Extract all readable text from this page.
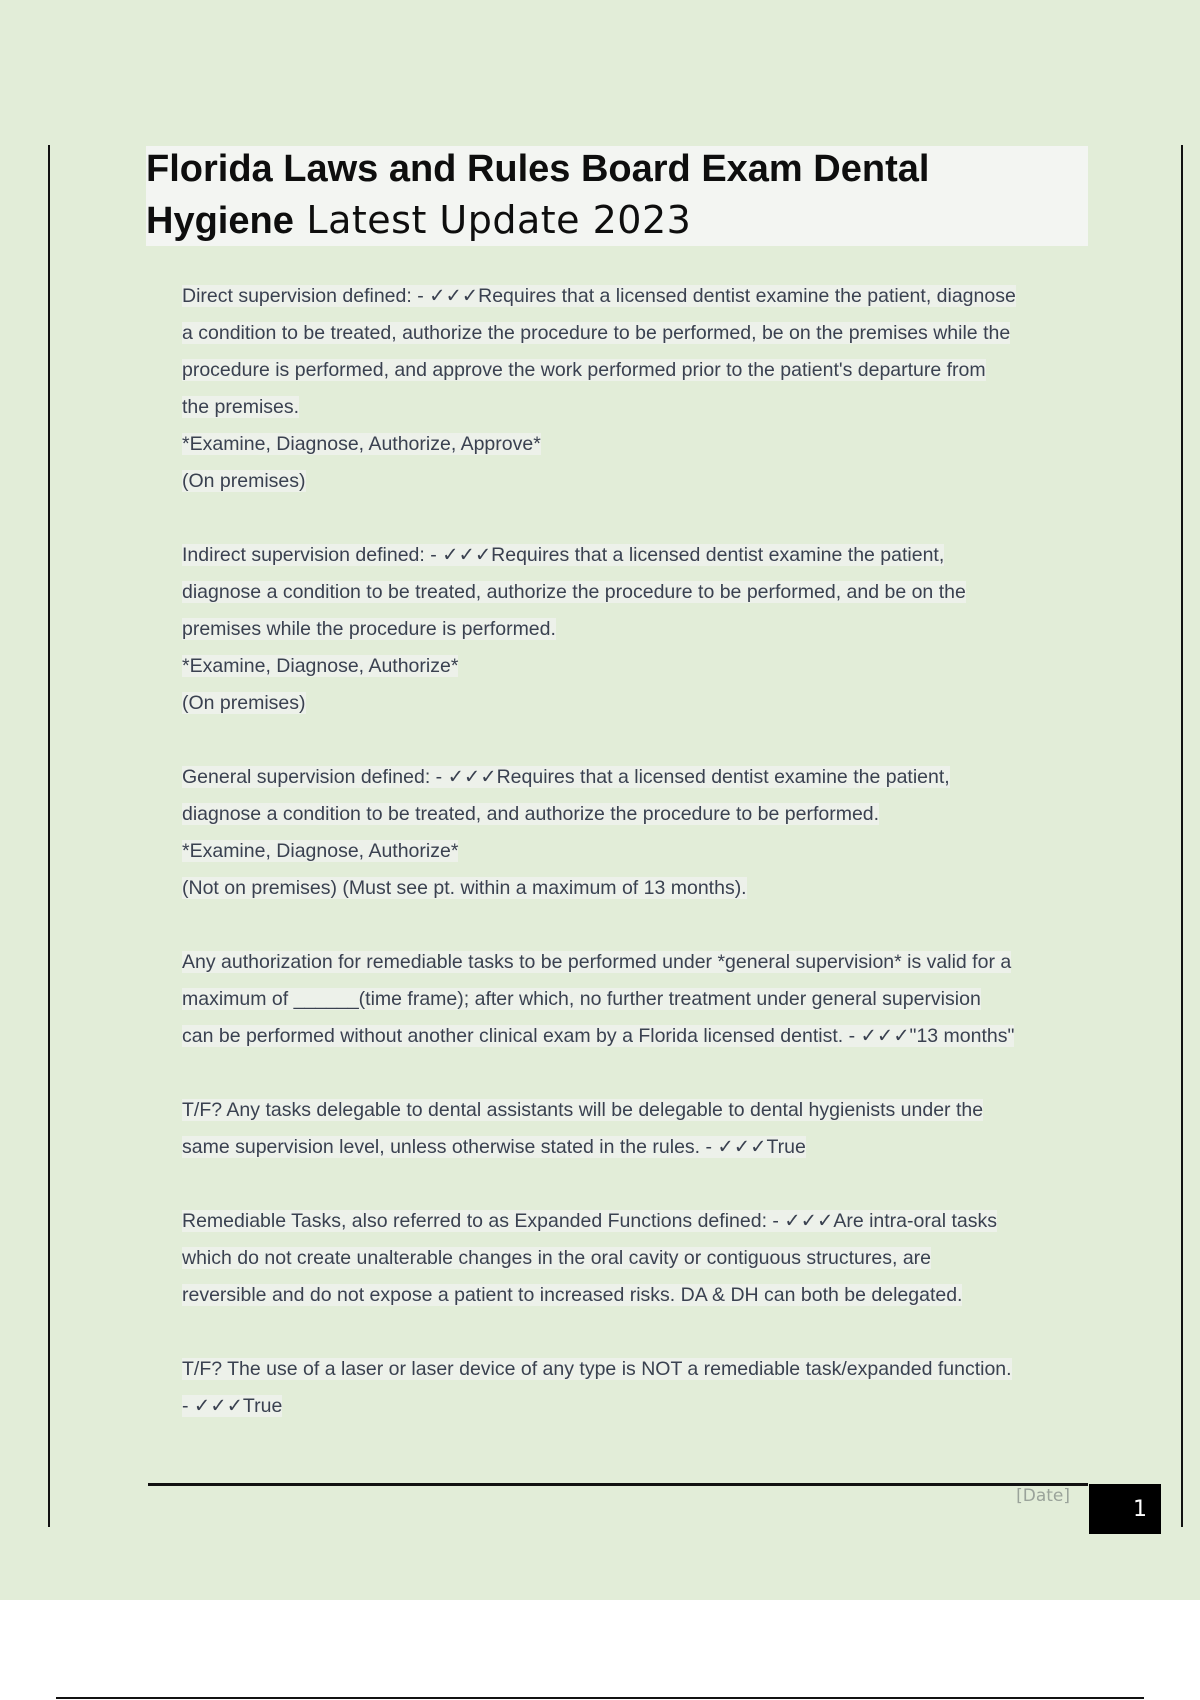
Florida Laws and Rules Board Exam Dental
Hygiene Latest Update 2023
Direct supervision defined: - ✓✓✓Requires that a licensed dentist examine the patient, diagnose
a condition to be treated, authorize the procedure to be performed, be on the premises while the
procedure is performed, and approve the work performed prior to the patient's departure from
the premises.
*Examine, Diagnose, Authorize, Approve*
(On premises)
Indirect supervision defined: - ✓✓✓Requires that a licensed dentist examine the patient,
diagnose a condition to be treated, authorize the procedure to be performed, and be on the
premises while the procedure is performed.
*Examine, Diagnose, Authorize*
(On premises)
General supervision defined: - ✓✓✓Requires that a licensed dentist examine the patient,
diagnose a condition to be treated, and authorize the procedure to be performed.
*Examine, Diagnose, Authorize*
(Not on premises) (Must see pt. within a maximum of 13 months).
Any authorization for remediable tasks to be performed under *general supervision* is valid for a
maximum of ______(time frame); after which, no further treatment under general supervision
can be performed without another clinical exam by a Florida licensed dentist. - ✓✓✓"13 months"
T/F? Any tasks delegable to dental assistants will be delegable to dental hygienists under the
same supervision level, unless otherwise stated in the rules. - ✓✓✓True
Remediable Tasks, also referred to as Expanded Functions defined: - ✓✓✓Are intra-oral tasks
which do not create unalterable changes in the oral cavity or contiguous structures, are
reversible and do not expose a patient to increased risks. DA & DH can both be delegated.
T/F? The use of a laser or laser device of any type is NOT a remediable task/expanded function.
- ✓✓✓True
[Date]
1
